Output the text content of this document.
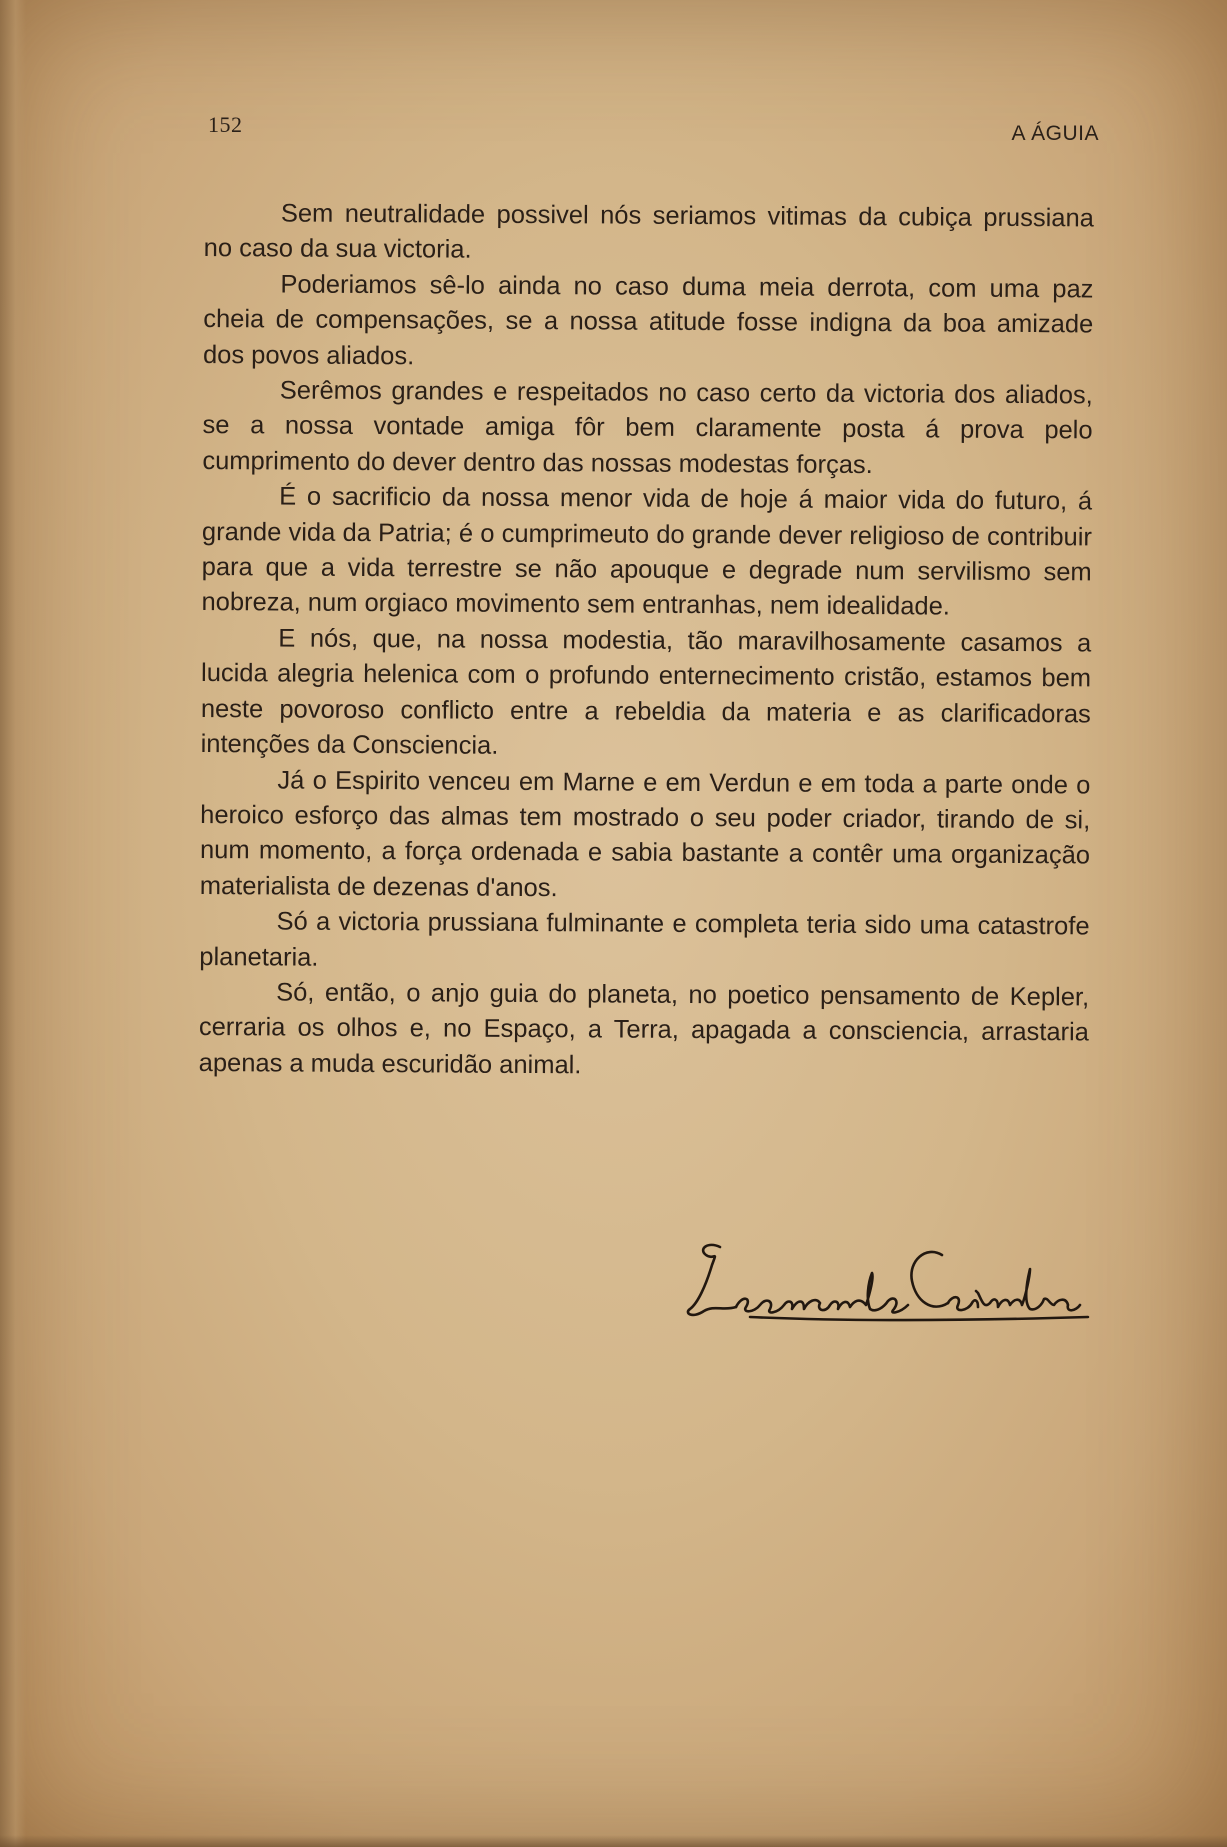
152	A ÁGUIA

Sem neutralidade possivel nós seriamos vitimas da cubiça prussiana no caso da sua victoria.

Poderiamos sê-lo ainda no caso duma meia derrota, com uma paz cheia de compensações, se a nossa atitude fosse indigna da boa amizade dos povos aliados.

Serêmos grandes e respeitados no caso certo da victoria dos aliados, se a nossa vontade amiga fôr bem claramente posta á prova pelo cumprimento do dever dentro das nossas modestas forças.

É o sacrificio da nossa menor vida de hoje á maior vida do futuro, á grande vida da Patria; é o cumprimeuto do grande dever religioso de contribuir para que a vida terrestre se não apouque e degrade num servilismo sem nobreza, num orgiaco movimento sem entranhas, nem idealidade.

E nós, que, na nossa modestia, tão maravilhosamente casamos a lucida alegria helenica com o profundo enternecimento cristão, estamos bem neste povoroso conflicto entre a rebeldia da materia e as clarificadoras intenções da Consciencia.

Já o Espirito venceu em Marne e em Verdun e em toda a parte onde o heroico esforço das almas tem mostrado o seu poder criador, tirando de si, num momento, a força ordenada e sabia bastante a contêr uma organização materialista de dezenas d'anos.

Só a victoria prussiana fulminante e completa teria sido uma catastrofe planetaria.

Só, então, o anjo guia do planeta, no poetico pensamento de Kepler, cerraria os olhos e, no Espaço, a Terra, apagada a consciencia, arrastaria apenas a muda escuridão animal.
